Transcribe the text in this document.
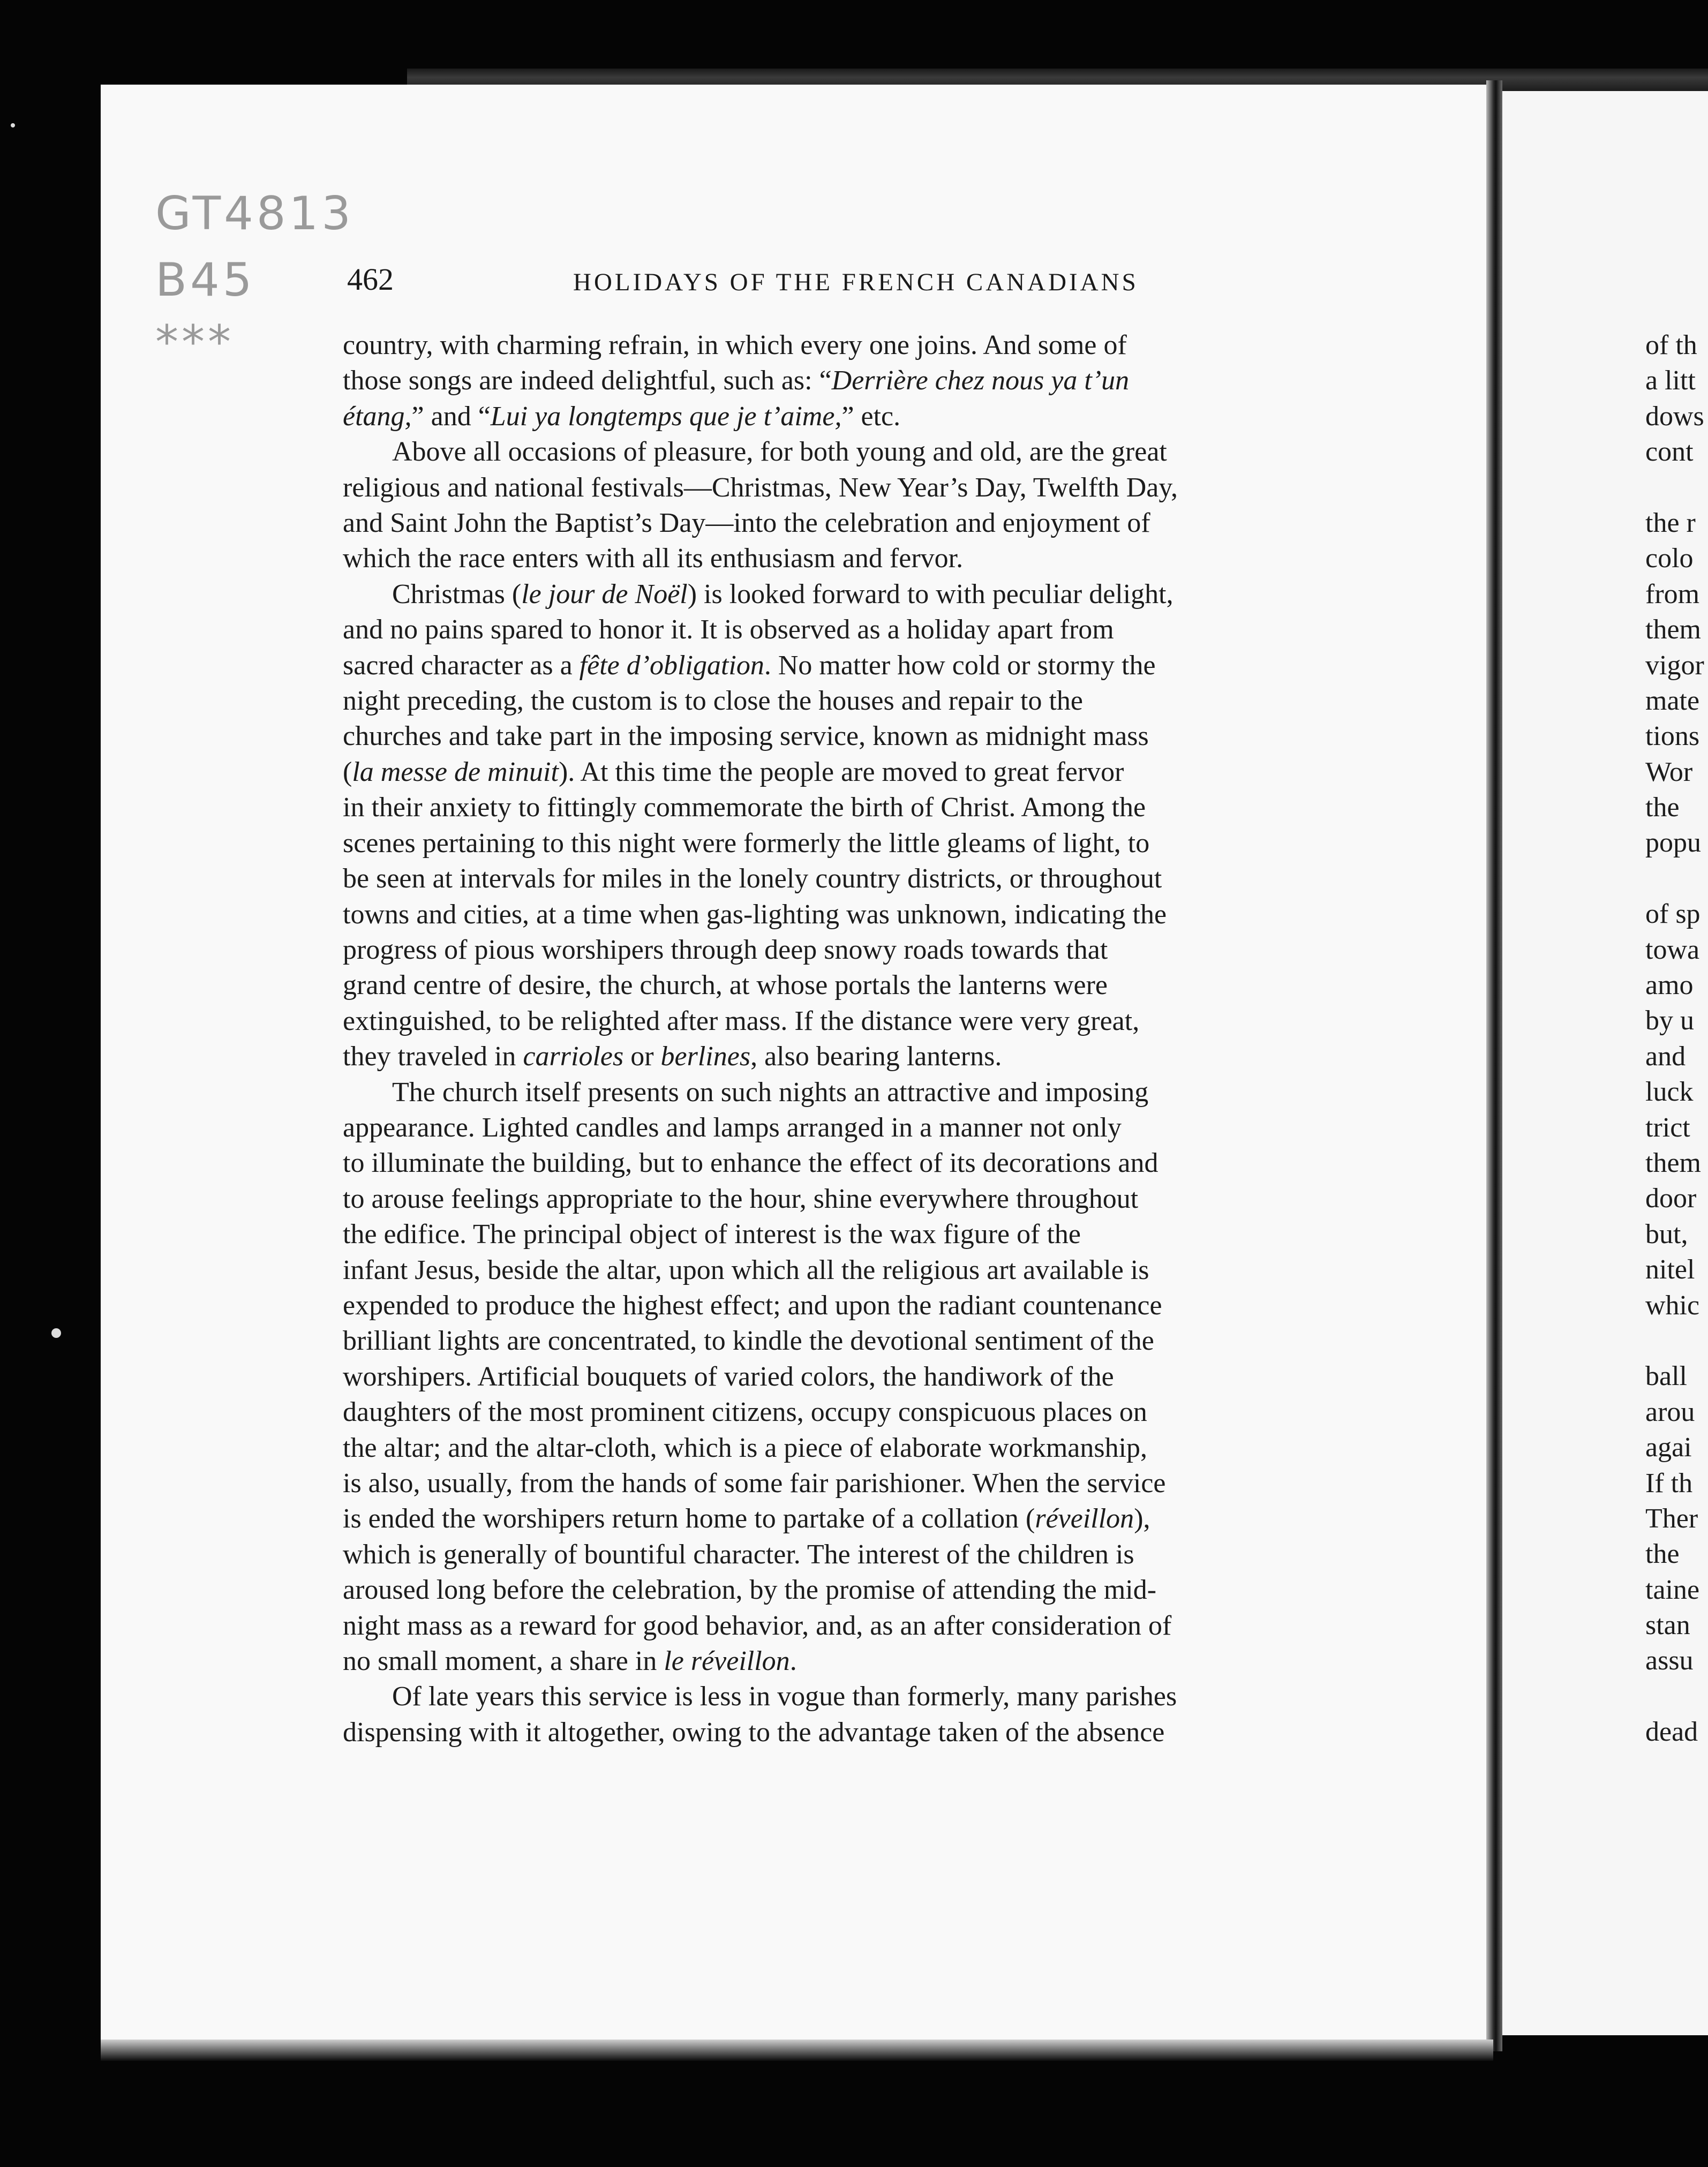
GT4813
B45
***
462	HOLIDAYS OF THE FRENCH CANADIANS

country, with charming refrain, in which every one joins. And some of
those songs are indeed delightful, such as: “Derrière chez nous ya t’un
étang,” and “Lui ya longtemps que je t’aime,” etc.

Above all occasions of pleasure, for both young and old, are the great
religious and national festivals—Christmas, New Year’s Day, Twelfth Day,
and Saint John the Baptist’s Day—into the celebration and enjoyment of
which the race enters with all its enthusiasm and fervor.

Christmas (le jour de Noël) is looked forward to with peculiar delight,
and no pains spared to honor it. It is observed as a holiday apart from
sacred character as a fête d’obligation. No matter how cold or stormy the
night preceding, the custom is to close the houses and repair to the
churches and take part in the imposing service, known as midnight mass
(la messe de minuit). At this time the people are moved to great fervor
in their anxiety to fittingly commemorate the birth of Christ. Among the
scenes pertaining to this night were formerly the little gleams of light, to
be seen at intervals for miles in the lonely country districts, or throughout
towns and cities, at a time when gas-lighting was unknown, indicating the
progress of pious worshipers through deep snowy roads towards that
grand centre of desire, the church, at whose portals the lanterns were
extinguished, to be relighted after mass. If the distance were very great,
they traveled in carrioles or berlines, also bearing lanterns.

The church itself presents on such nights an attractive and imposing
appearance. Lighted candles and lamps arranged in a manner not only
to illuminate the building, but to enhance the effect of its decorations and
to arouse feelings appropriate to the hour, shine everywhere throughout
the edifice. The principal object of interest is the wax figure of the
infant Jesus, beside the altar, upon which all the religious art available is
expended to produce the highest effect; and upon the radiant countenance
brilliant lights are concentrated, to kindle the devotional sentiment of the
worshipers. Artificial bouquets of varied colors, the handiwork of the
daughters of the most prominent citizens, occupy conspicuous places on
the altar; and the altar-cloth, which is a piece of elaborate workmanship,
is also, usually, from the hands of some fair parishioner. When the service
is ended the worshipers return home to partake of a collation (réveillon),
which is generally of bountiful character. The interest of the children is
aroused long before the celebration, by the promise of attending the mid-
night mass as a reward for good behavior, and, as an after consideration of
no small moment, a share in le réveillon.

Of late years this service is less in vogue than formerly, many parishes
dispensing with it altogether, owing to the advantage taken of the absence

of th
a litt
dows
cont
the r
colo
from
them
vigor
mate
tions
Wor
the
popu
of sp
towa
amo
by u
and
luck
trict
them
door
but,
nitel
whic
ball
arou
agai
If th
Ther
the
taine
stan
assu
dead
